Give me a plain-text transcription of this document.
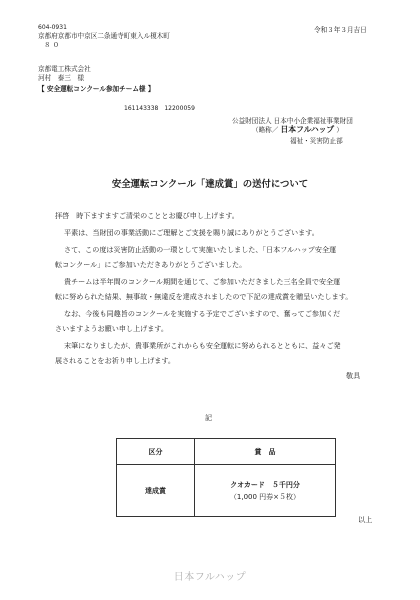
604-0931
京都府京都市中京区二条通寺町東入ル榎木町
８０
京都電工株式会社
河村　泰三　様
【 安全運転コンクール参加チーム様 】
161143338　12200059
令和３年３月吉日
公益財団法人 日本中小企業福祉事業財団
（略称／ 日本フルハップ ）
福祉・災害防止部
安全運転コンクール「達成賞」の送付について
拝啓　時下ますますご清栄のこととお慶び申し上げます。
平素は、当財団の事業活動にご理解とご支援を賜り誠にありがとうございます。
さて、この度は災害防止活動の一環として実施いたしました、「日本フルハップ安全運
転コンクール」にご参加いただきありがとうございました。
貴チームは半年間のコンクール期間を通じて、ご参加いただきました三名全員で安全運
転に努められた結果、無事故・無違反を達成されましたので下記の達成賞を贈呈いたします。
なお、今後も同趣旨のコンクールを実施する予定でございますので、奮ってご参加くだ
さいますようお願い申し上げます。
末筆になりましたが、貴事業所がこれからも安全運転に努められるとともに、益々ご発
展されることをお祈り申し上げます。
敬具
記
区分	賞　品
達成賞	クオカード　５千円分
（1,000 円券×５枚）
以上
日本フルハップ
